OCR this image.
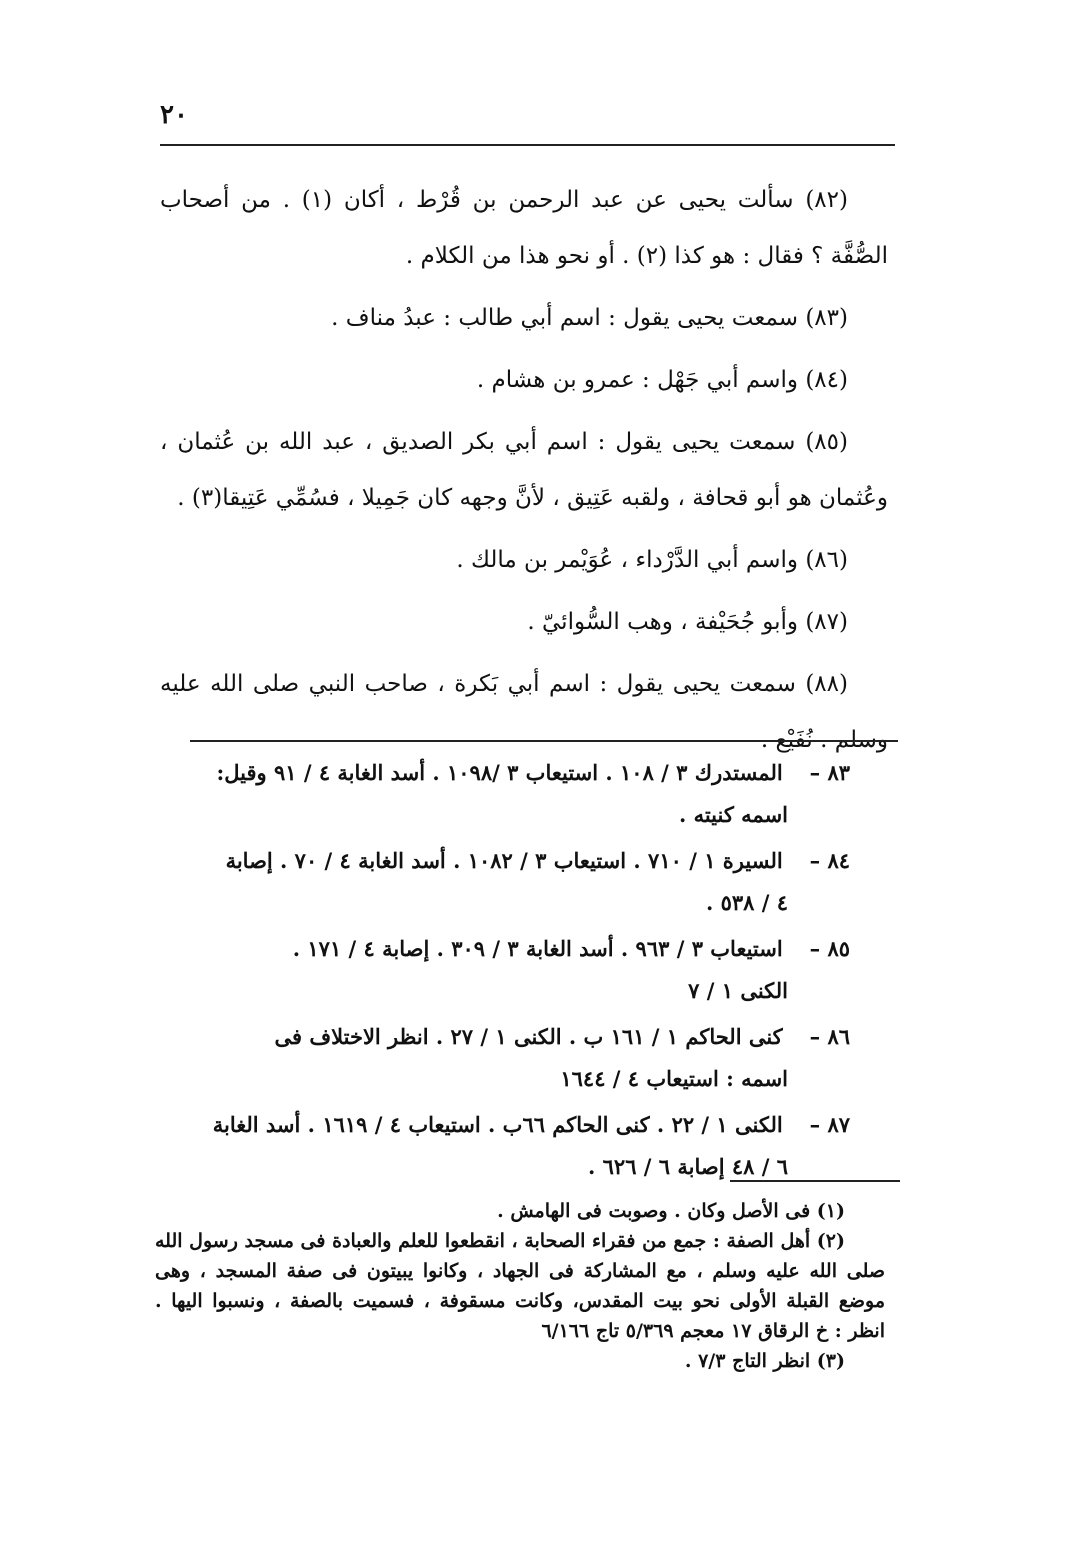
٢٠

(٨٢) سألت يحيى عن عبد الرحمن بن قُرْط ، أكان (١) . من أصحاب الصُّفَّة ؟ فقال : هو كذا (٢) . أو نحو هذا من الكلام .

(٨٣) سمعت يحيى يقول : اسم أبي طالب : عبدُ مناف .

(٨٤) واسم أبي جَهْل : عمرو بن هشام .

(٨٥) سمعت يحيى يقول : اسم أبي بكر الصديق ، عبد الله بن عُثمان ، وعُثمان هو أبو قحافة ، ولقبه عَتِيق ، لأنَّ وجهه كان جَمِيلا ، فسُمِّي عَتِيقا(٣) .

(٨٦) واسم أبي الدَّرْداء ، عُوَيْمر بن مالك .

(٨٧) وأبو جُحَيْفة ، وهب السُّوائيّ .

(٨٨) سمعت يحيى يقول : اسم أبي بَكرة ، صاحب النبي صلى الله عليه وسلم . نُفَيْع .

٨٣ – المستدرك ٣ / ١٠٨ . استيعاب ٣ /١٠٩٨ . أسد الغابة ٤ / ٩١ وقيل:
اسمه كنيته .
٨٤ – السيرة ١ / ٧١٠ . استيعاب ٣ / ١٠٨٢ . أسد الغابة ٤ / ٧٠ . إصابة
٤ / ٥٣٨ .
٨٥ – استيعاب ٣ / ٩٦٣ . أسد الغابة ٣ / ٣٠٩ . إصابة ٤ / ١٧١ .
الكنى ١ / ٧
٨٦ – كنى الحاكم ١ / ١٦١ ب . الكنى ١ / ٢٧ . انظر الاختلاف فى
اسمه : استيعاب ٤ / ١٦٤٤
٨٧ – الكنى ١ / ٢٢ . كنى الحاكم ٦٦ب . استيعاب ٤ / ١٦١٩ . أسد الغابة
٦ / ٤٨ إصابة ٦ / ٦٢٦ .

(١) فى الأصل وكان . وصوبت فى الهامش .

(٢) أهل الصفة : جمع من فقراء الصحابة ، انقطعوا للعلم والعبادة فى مسجد رسول الله صلى الله عليه وسلم ، مع المشاركة فى الجهاد ، وكانوا يبيتون فى صفة المسجد ، وهى موضع القبلة الأولى نحو بيت المقدس، وكانت مسقوفة ، فسميت بالصفة ، ونسبوا اليها . انظر : خ الرقاق ١٧ معجم ٥/٣٦٩ تاج ٦/١٦٦

(٣) انظر التاج ٧/٣ .
